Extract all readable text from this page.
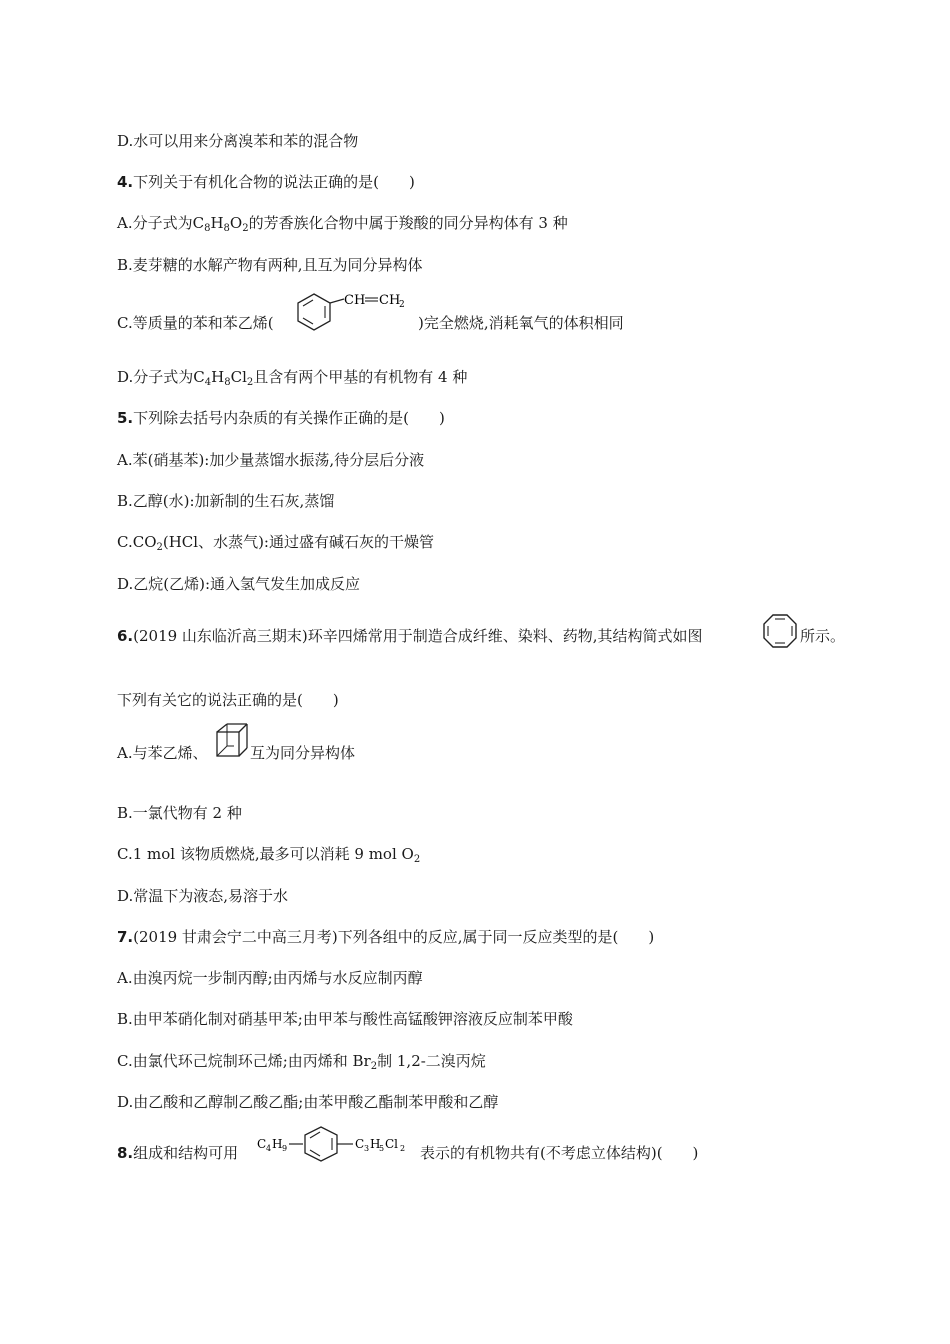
D.水可以用来分离溴苯和苯的混合物
4.下列关于有机化合物的说法正确的是(　　)
A.分子式为$C_8H_8O_2$的芳香族化合物中属于羧酸的同分异构体有 3 种
B.麦芽糖的水解产物有两种,且互为同分异构体
C.等质量的苯和苯乙烯(
CH CH
2
)完全燃烧,消耗氧气的体积相同
D.分子式为$C_4H_8Cl_2$且含有两个甲基的有机物有 4 种
5.下列除去括号内杂质的有关操作正确的是(　　)
A.苯(硝基苯):加少量蒸馏水振荡,待分层后分液
B.乙醇(水):加新制的生石灰,蒸馏
$C.CO_2(HCl$、水蒸气):通过盛有碱石灰的干燥管
D.乙烷(乙烯):通入氢气发生加成反应
6.(2019 山东临沂高三期末)环辛四烯常用于制造合成纤维、染料、药物,其结构简式如图	所示。
下列有关它的说法正确的是(　　)
A.与苯乙烯、	互为同分异构体
B.一氯代物有 2 种
C.1 mol 该物质燃烧,最多可以消耗 9 mol $O_2$
D.常温下为液态,易溶于水
7.(2019 甘肃会宁二中高三月考)下列各组中的反应,属于同一反应类型的是(　　)
A.由溴丙烷一步制丙醇;由丙烯与水反应制丙醇
B.由甲苯硝化制对硝基甲苯;由甲苯与酸性高锰酸钾溶液反应制苯甲酸
C.由氯代环己烷制环己烯;由丙烯和 $Br_2$制 1,2-二溴丙烷
D.由乙酸和乙醇制乙酸乙酯;由苯甲酸乙酯制苯甲酸和乙醇
8.组成和结构可用 C 4 H 9	C 3 H
5 Cl 2 表示的有机物共有(不考虑立体结构)(　　)
